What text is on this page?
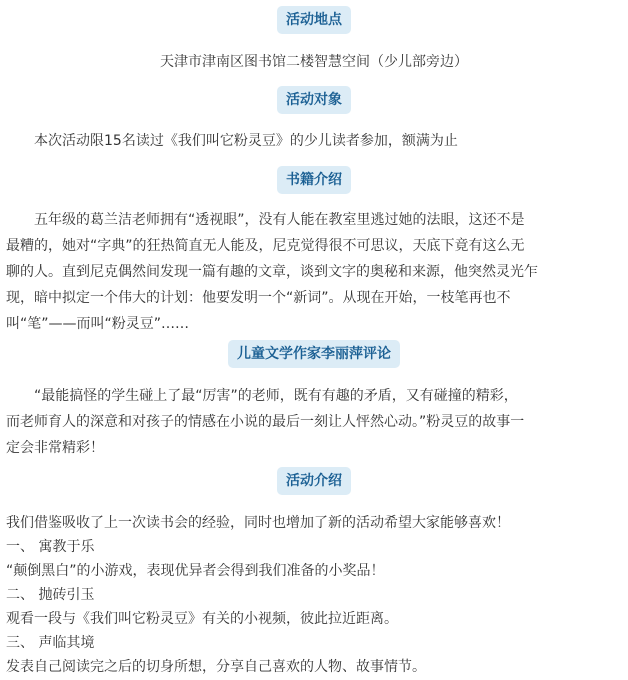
活动地点
天津市津南区图书馆二楼智慧空间（少儿部旁边）
活动对象
本次活动限15名读过《我们叫它粉灵豆》的少儿读者参加，额满为止
书籍介绍
五年级的葛兰洁老师拥有“透视眼”，没有人能在教室里逃过她的法眼，这还不是
最糟的，她对“字典”的狂热简直无人能及，尼克觉得很不可思议，天底下竟有这么无
聊的人。直到尼克偶然间发现一篇有趣的文章，谈到文字的奥秘和来源，他突然灵光乍
现，暗中拟定一个伟大的计划：他要发明一个“新词”。从现在开始，一枝笔再也不
叫“笔”——而叫“粉灵豆”……
儿童文学作家李丽萍评论
“最能搞怪的学生碰上了最“厉害”的老师，既有有趣的矛盾，又有碰撞的精彩，
而老师育人的深意和对孩子的情感在小说的最后一刻让人怦然心动。”粉灵豆的故事一
定会非常精彩！
活动介绍
我们借鉴吸收了上一次读书会的经验，同时也增加了新的活动希望大家能够喜欢！
一、 寓教于乐
“颠倒黑白”的小游戏，表现优异者会得到我们准备的小奖品！
二、 抛砖引玉
观看一段与《我们叫它粉灵豆》有关的小视频，彼此拉近距离。
三、 声临其境
发表自己阅读完之后的切身所想，分享自己喜欢的人物、故事情节。
